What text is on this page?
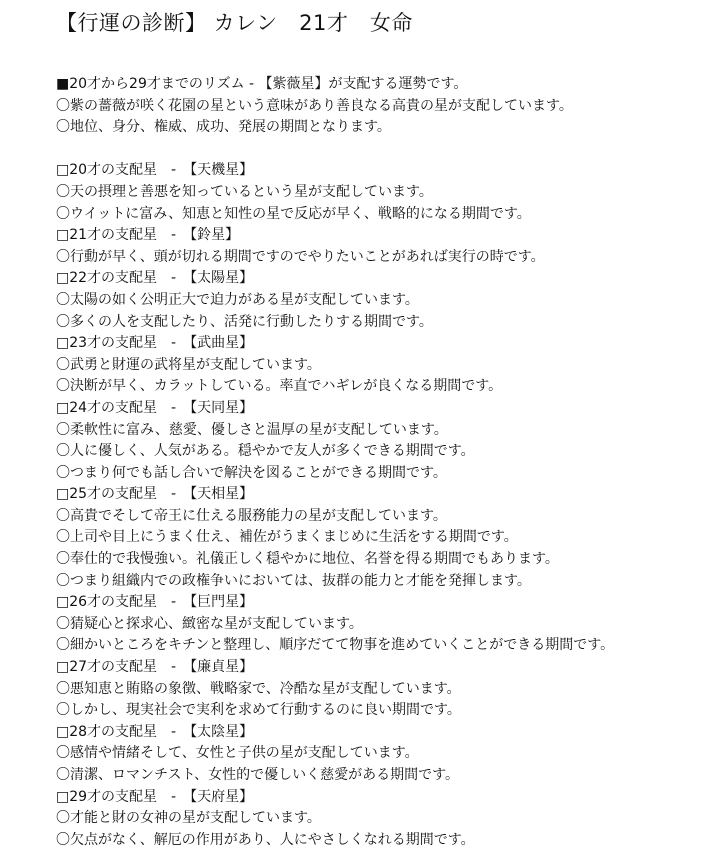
【行運の診断】 カレン　21才　女命
■20才から29才までのリズム - 【紫薇星】が支配する運勢です。
〇紫の薔薇が咲く花園の星という意味があり善良なる高貴の星が支配しています。
〇地位、身分、権威、成功、発展の期間となります。
□20才の支配星　-　【天機星】
〇天の摂理と善悪を知っているという星が支配しています。
〇ウイットに富み、知恵と知性の星で反応が早く、戦略的になる期間です。
□21才の支配星　-　【鈴星】
〇行動が早く、頭が切れる期間ですのでやりたいことがあれば実行の時です。
□22才の支配星　-　【太陽星】
〇太陽の如く公明正大で迫力がある星が支配しています。
〇多くの人を支配したり、活発に行動したりする期間です。
□23才の支配星　-　【武曲星】
〇武勇と財運の武将星が支配しています。
〇決断が早く、カラットしている。率直でハギレが良くなる期間です。
□24才の支配星　-　【天同星】
〇柔軟性に富み、慈愛、優しさと温厚の星が支配しています。
〇人に優しく、人気がある。穏やかで友人が多くできる期間です。
〇つまり何でも話し合いで解決を図ることができる期間です。
□25才の支配星　-　【天相星】
〇高貴でそして帝王に仕える服務能力の星が支配しています。
〇上司や目上にうまく仕え、補佐がうまくまじめに生活をする期間です。
〇奉仕的で我慢強い。礼儀正しく穏やかに地位、名誉を得る期間でもあります。
〇つまり組織内での政権争いにおいては、抜群の能力と才能を発揮します。
□26才の支配星　-　【巨門星】
〇猜疑心と探求心、緻密な星が支配しています。
〇細かいところをキチンと整理し、順序だてて物事を進めていくことができる期間です。
□27才の支配星　-　【廉貞星】
〇悪知恵と賄賂の象徴、戦略家で、冷酷な星が支配しています。
〇しかし、現実社会で実利を求めて行動するのに良い期間です。
□28才の支配星　-　【太陰星】
〇感情や情緒そして、女性と子供の星が支配しています。
〇清潔、ロマンチスト、女性的で優しいく慈愛がある期間です。
□29才の支配星　-　【天府星】
〇才能と財の女神の星が支配しています。
〇欠点がなく、解厄の作用があり、人にやさしくなれる期間です。
